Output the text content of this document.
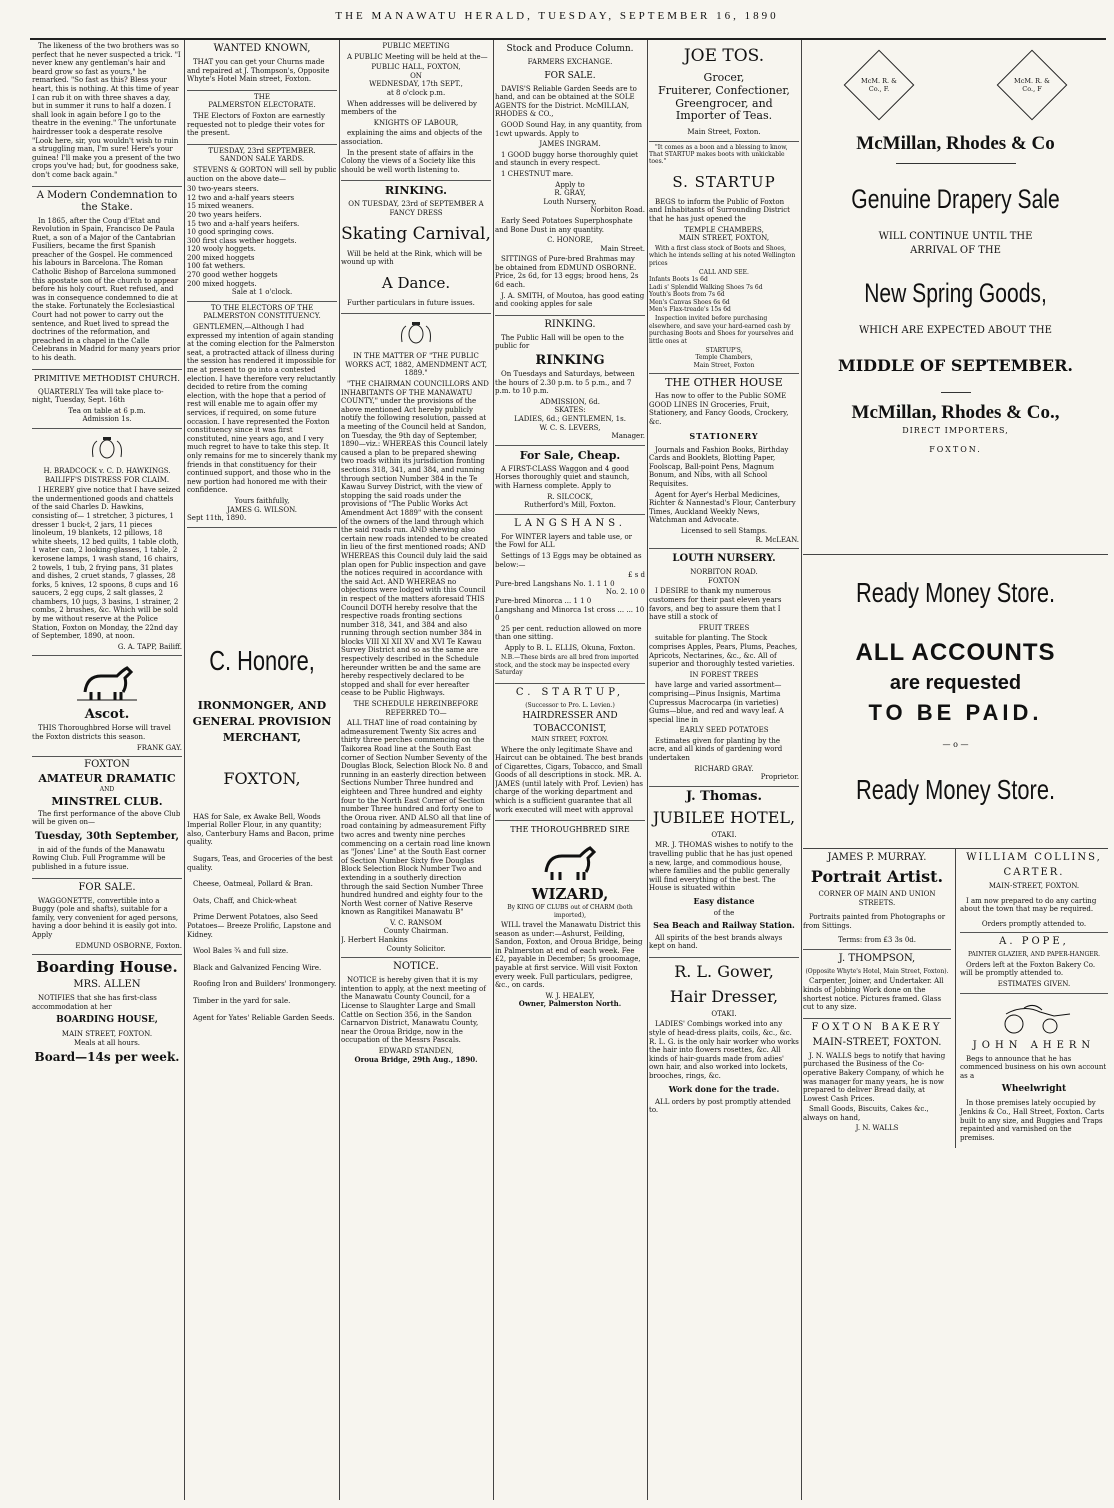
THE MANAWATU HERALD, TUESDAY, SEPTEMBER 16, 1890

The likeness of the two brothers was so perfect that he never suspected a trick. "I never knew any gentleman's hair and beard grow so fast as yours," he remarked. "So fast as this? Bless your heart, this is nothing. At this time of year I can rub it on with three shaves a day, but in summer it runs to half a dozen. I shall look in again before I go to the theatre in the evening." The unfortunate hairdresser took a desperate resolve "Look here, sir, you wouldn't wish to ruin a struggling man, I'm sure! Here's your guinea! I'll make you a present of the two crops you've had; but, for goodness sake, don't come back again."

A Modern Condemnation to the Stake.

In 1865, after the Coup d'Etat and Revolution in Spain, Francisco De Paula Ruet, a son of a Major of the Cantabrian Fusiliers, became the first Spanish preacher of the Gospel. He commenced his labours in Barcelona. The Roman Catholic Bishop of Barcelona summoned this apostate son of the church to appear before his holy court. Ruet refused, and was in consequence condemned to die at the stake. Fortunately the Ecclesiastical Court had not power to carry out the sentence, and Ruet lived to spread the doctrines of the reformation, and preached in a chapel in the Calle Celebrans in Madrid for many years prior to his death.

PRIMITIVE METHODIST CHURCH.

QUARTERLY Tea will take place to-night, Tuesday, Sept. 16th

Tea on table at 6 p.m.
Admission 1s.
H. BRADCOCK v. C. D. HAWKINGS.
BAILIFF'S DISTRESS FOR CLAIM.

I HEREBY give notice that I have seized the undermentioned goods and chattels of the said Charles D. Hawkins, consisting of— 1 stretcher, 3 pictures, 1 dresser 1 buck-t, 2 jars, 11 pieces linoleum, 19 blankets, 12 pillows, 18 white sheets, 12 bed quilts, 1 table cloth, 1 water can, 2 looking-glasses, 1 table, 2 kerosene lamps, 1 wash stand, 16 chairs, 2 towels, 1 tub, 2 frying pans, 31 plates and dishes, 2 cruet stands, 7 glasses, 28 forks, 5 knives, 12 spoons, 8 cups and 16 saucers, 2 egg cups, 2 salt glasses, 2 chambers, 10 jugs, 3 basins, 1 strainer, 2 combs, 2 brushes, &c. Which will be sold by me without reserve at the Police Station, Foxton on Monday, the 22nd day of September, 1890, at noon.

G. A. TAPP, Bailiff.
Ascot.

THIS Thoroughbred Horse will travel the Foxton districts this season.

FRANK GAY.
FOXTON
AMATEUR DRAMATIC
AND
MINSTREL CLUB.

The first performance of the above Club will be given on—

Tuesday, 30th September,

in aid of the funds of the Manawatu Rowing Club. Full Programme will be published in a future issue.

FOR SALE.

WAGGONETTE, convertible into a Buggy (pole and shafts), suitable for a family, very convenient for aged persons, having a door behind it is easily got into. Apply

EDMUND OSBORNE, Foxton.
Boarding House.
MRS. ALLEN

NOTIFIES that she has first-class accommodation at her

BOARDING HOUSE,
MAIN STREET, FOXTON.
Meals at all hours.
Board—14s per week.
WANTED KNOWN,

THAT you can get your Churns made and repaired at J. Thompson's, Opposite Whyte's Hotel Main street, Foxton.

THE
PALMERSTON ELECTORATE.

THE Electors of Foxton are earnestly requested not to pledge their votes for the present.

TUESDAY, 23rd SEPTEMBER.
SANDON SALE YARDS.

STEVENS & GORTON will sell by public auction on the above date—

30 two-years steers.
12 two and a-half years steers
15 mixed weaners.
20 two years heifers.
15 two and a-half years heifers.
10 good springing cows.
300 first class wether hoggets.
120 wooly hoggets.
200 mixed hoggets
100 fat wethers.
270 good wether hoggets
200 mixed hoggets.
Sale at 1 o'clock.
TO THE ELECTORS OF THE PALMERSTON CONSTITUENCY.

GENTLEMEN,—Although I had expressed my intention of again standing at the coming election for the Palmerston seat, a protracted attack of illness during the session has rendered it impossible for me at present to go into a contested election. I have therefore very reluctantly decided to retire from the coming election, with the hope that a period of rest will enable me to again offer my services, if required, on some future occasion. I have represented the Foxton constituency since it was first constituted, nine years ago, and I very much regret to have to take this step. It only remains for me to sincerely thank my friends in that constituency for their continued support, and those who in the new portion had honored me with their confidence.

Yours faithfully,
JAMES G. WILSON.
Sept 11th, 1890.
C. Honore,
IRONMONGER, AND
GENERAL PROVISION
MERCHANT,
FOXTON,

HAS for Sale, ex Awake Bell, Woods Imperial Roller Flour, in any quantity; also, Canterbury Hams and Bacon, prime quality.

Sugars, Teas, and Groceries of the best quality.

Cheese, Oatmeal, Pollard & Bran.

Oats, Chaff, and Chick-wheat

Prime Derwent Potatoes, also Seed Potatoes— Breeze Prolific, Lapstone and Kidney.

Wool Bales ¾ and full size.

Black and Galvanized Fencing Wire.

Roofing Iron and Builders' Ironmongery.

Timber in the yard for sale.

Agent for Yates' Reliable Garden Seeds.

PUBLIC MEETING

A PUBLIC Meeting will be held at the—

PUBLIC HALL, FOXTON,
ON
WEDNESDAY, 17th SEPT.,
at 8 o'clock p.m.

When addresses will be delivered by members of the

KNIGHTS OF LABOUR,

explaining the aims and objects of the association.

In the present state of affairs in the Colony the views of a Society like this should be well worth listening to.

RINKING.
ON TUESDAY, 23rd of SEPTEMBER A
FANCY DRESS
Skating Carnival,

Will be held at the Rink, which will be wound up with

A Dance.

Further particulars in future issues.

IN THE MATTER OF "THE PUBLIC WORKS ACT, 1882, AMENDMENT ACT, 1889."

"THE CHAIRMAN COUNCILLORS AND INHABITANTS OF THE MANAWATU COUNTY," under the provisions of the above mentioned Act hereby publicly notify the following resolution, passed at a meeting of the Council held at Sandon, on Tuesday, the 9th day of September, 1890—viz.: WHEREAS this Council lately caused a plan to be prepared shewing two roads within its jurisdiction fronting sections 318, 341, and 384, and running through section Number 384 in the Te Kawau Survey District, with the view of stopping the said roads under the provisions of "The Public Works Act Amendment Act 1889" with the consent of the owners of the land through which the said roads run. AND shewing also certain new roads intended to be created in lieu of the first mentioned roads; AND WHEREAS this Council duly laid the said plan open for Public inspection and gave the notices required in accordance with the said Act. AND WHEREAS no objections were lodged with this Council in respect of the matters aforesaid THIS Council DOTH hereby resolve that the respective roads fronting sections number 318, 341, and 384 and also running through section number 384 in blocks VIII XI XII XV and XVI Te Kawau Survey District and so as the same are respectively described in the Schedule hereunder written be and the same are hereby respectively declared to be stopped and shall for ever hereafter cease to be Public Highways.

THE SCHEDULE HEREINBEFORE REFERRED TO—

ALL THAT line of road containing by admeasurement Twenty Six acres and thirty three perches commencing on the Taikorea Road line at the South East corner of Section Number Seventy of the Douglas Block, Selection Block No. 8 and running in an easterly direction between Sections Number Three hundred and eighteen and Three hundred and eighty four to the North East Corner of Section number Three hundred and forty one to the Oroua river. AND ALSO all that line of road containing by admeasurement Fifty two acres and twenty nine perches commencing on a certain road line known as "Jones' Line" at the South East corner of Section Number Sixty five Douglas Block Selection Block Number Two and extending in a southerly direction through the said Section Number Three hundred hundred and eighty four to the North West corner of Native Reserve known as Rangitikei Manawatu B"

V. C. RANSOM
County Chairman.
J. Herbert Hankins
County Solicitor.
NOTICE.

NOTICE is hereby given that it is my intention to apply, at the next meeting of the Manawatu County Council, for a License to Slaughter Large and Small Cattle on Section 356, in the Sandon Carnarvon District, Manawatu County, near the Oroua Bridge, now in the occupation of the Messrs Pascals.

EDWARD STANDEN,
Oroua Bridge, 29th Aug., 1890.
Stock and Produce Column.
FARMERS EXCHANGE.
FOR SALE.

DAVIS'S Reliable Garden Seeds are to hand, and can be obtained at the SOLE AGENTS for the District. McMILLAN, RHODES & CO.,

GOOD Sound Hay, in any quantity, from 1cwt upwards. Apply to

JAMES INGRAM.

1 GOOD buggy horse thoroughly quiet and staunch in every respect.

1 CHESTNUT mare.

Apply to
R. GRAY,
Louth Nursery,
Norbiton Road.

Early Seed Potatoes Superphosphate and Bone Dust in any quantity.

C. HONORE,
Main Street.

SITTINGS of Pure-bred Brahmas may be obtained from EDMUND OSBORNE. Price, 2s 6d, for 13 eggs; brood hens, 2s 6d each.

J. A. SMITH, of Moutoa, has good eating and cooking apples for sale

RINKING.

The Public Hall will be open to the public for

RINKING

On Tuesdays and Saturdays, between the hours of 2.30 p.m. to 5 p.m., and 7 p.m. to 10 p.m.

ADMISSION, 6d.
SKATES:
LADIES, 6d.; GENTLEMEN, 1s.
W. C. S. LEVERS,
Manager.
For Sale, Cheap.

A FIRST-CLASS Waggon and 4 good Horses thoroughly quiet and staunch, with Harness complete. Apply to

R. SILCOCK,
Rutherford's Mill, Foxton.
LANGSHANS.

For WINTER layers and table use, or the Fowl for ALL

Settings of 13 Eggs may be obtained as below:—

£ s d
Pure-bred Langshans No. 1. 1 1 0
No. 2. 10 0
Pure-bred Minorca ... 1 1 0
Langshang and Minorca 1st cross ... ... 10 0

25 per cent. reduction allowed on more than one sitting.

Apply to B. L. ELLIS, Okuna, Foxton.

N.B.—These birds are all bred from imported stock, and the stock may be inspected every Saturday

C. STARTUP,
(Successor to Pro. L. Levien.)
HAIRDRESSER AND
TOBACCONIST,
MAIN STREET, FOXTON.

Where the only legitimate Shave and Haircut can be obtained. The best brands of Cigarettes, Cigars, Tobacco, and Small Goods of all descriptions in stock. MR. A. JAMES (until lately with Prof. Levien) has charge of the working department and which is a sufficient guarantee that all work executed will meet with approval

THE THOROUGHBRED SIRE
WIZARD,
By KING OF CLUBS out of CHARM (both imported),

WILL travel the Manawatu District this season as under:—Ashurst, Feilding, Sandon, Foxton, and Oroua Bridge, being in Palmerston at end of each week. Fee £2, payable in December; 5s grooomage, payable at first service. Will visit Foxton every week. Full particulars, pedigree, &c., on cards.

W. J. HEALEY,
Owner, Palmerston North.
JOE TOS.
Grocer,
Fruiterer, Confectioner,
Greengrocer, and Importer of Teas.
Main Street, Foxton.

"It comes as a boon and a blessing to know, That STARTUP makes boots with unkickable toes."

S. STARTUP

BEGS to inform the Public of Foxton and Inhabitants of Surrounding District that he has just opened the

TEMPLE CHAMBERS,
MAIN STREET, FOXTON,

With a first class stock of Boots and Shoes, which he intends selling at his noted Wellington prices

CALL AND SEE.
Infants Boots 1s 6d
Ladi s' Splendid Walking Shoes 7s 6d
Youth's Boots from 7s 6d
Men's Canvas Shoes 6s 6d
Men's Flax-treade's 15s 6d

Inspection invited before purchasing elsewhere, and save your hard-earned cash by purchasing Boots and Shoes for yourselves and little ones at

STARTUP'S,
Temple Chambers,
Main Street, Foxton
THE OTHER HOUSE

Has now to offer to the Public SOME GOOD LINES IN Groceries, Fruit, Stationery, and Fancy Goods, Crockery, &c.

STATIONERY

Journals and Fashion Books, Birthday Cards and Booklets, Blotting Paper, Foolscap, Ball-point Pens, Magnum Bonum, and Nibs, with all School Requisites.

Agent for Ayer's Herbal Medicines, Richter & Nannestad's Flour, Canterbury Times, Auckland Weekly News, Watchman and Advocate.

Licensed to sell Stamps.
R. McLEAN.
LOUTH NURSERY.
NORBITON ROAD.
FOXTON

I DESIRE to thank my numerous customers for their past eleven years favors, and beg to assure them that I have still a stock of

FRUIT TREES

suitable for planting. The Stock comprises Apples, Pears, Plums, Peaches, Apricots, Nectarines, &c., &c. All of superior and thoroughly tested varieties.

IN FOREST TREES

have large and varied assortment—comprising—Pinus Insignis, Martima Cupressus Macrocarpa (in varieties) Gums—blue, and red and wavy leaf. A special line in

EARLY SEED POTATOES

Estimates given for planting by the acre, and all kinds of gardening word undertaken

RICHARD GRAY.
Proprietor.
J. Thomas.
JUBILEE HOTEL,
OTAKI.

MR. J. THOMAS wishes to notify to the travelling public that he has just opened a new, large, and commodious house, where families and the public generally will find everything of the best. The House is situated within

Easy distance
of the
Sea Beach and Railway Station.

All spirits of the best brands always kept on hand.

R. L. Gower,
Hair Dresser,
OTAKI.

LADIES' Combings worked into any style of head-dress plaits, coils, &c., &c. R. L. G. is the only hair worker who works the hair into flowers rosettes, &c. All kinds of hair-guards made from adies' own hair, and also worked into lockets, brooches, rings, &c.

Work done for the trade.

ALL orders by post promptly attended to.

McM. R. & Co., F.
McM. R. & Co., F
McMillan, Rhodes & Co
Genuine Drapery Sale
WILL CONTINUE UNTIL THE ARRIVAL OF THE
New Spring Goods,
WHICH ARE EXPECTED ABOUT THE
MIDDLE OF SEPTEMBER.
McMillan, Rhodes & Co.,
DIRECT IMPORTERS,
FOXTON.
Ready Money Store.
ALL ACCOUNTS
are requested
TO BE PAID.
— o —
Ready Money Store.
JAMES P. MURRAY.
Portrait Artist.
CORNER OF MAIN AND UNION STREETS.

Portraits painted from Photographs or from Sittings.

Terms: from £3 3s 0d.
J. THOMPSON,
(Opposite Whyte's Hotel, Main Street, Foxton).

Carpenter, Joiner, and Undertaker. All kinds of Jobbing Work done on the shortest notice. Pictures framed. Glass cut to any size.

FOXTON BAKERY
MAIN-STREET, FOXTON.

J. N. WALLS begs to notify that having purchased the Business of the Co-operative Bakery Company, of which he was manager for many years, he is now prepared to deliver Bread daily, at Lowest Cash Prices.

Small Goods, Biscuits, Cakes &c., always on hand,

J. N. WALLS
WILLIAM COLLINS,
CARTER.
MAIN-STREET, FOXTON.

I am now prepared to do any carting about the town that may be required.

Orders promptly attended to.
A. POPE,
PAINTER GLAZIER, AND PAPER-HANGER.

Orders left at the Foxton Bakery Co. will be promptly attended to.

ESTIMATES GIVEN.
JOHN AHERN

Begs to announce that he has commenced business on his own account as a

Wheelwright

In those premises lately occupied by Jenkins & Co., Hall Street, Foxton. Carts built to any size, and Buggies and Traps repainted and varnished on the premises.
